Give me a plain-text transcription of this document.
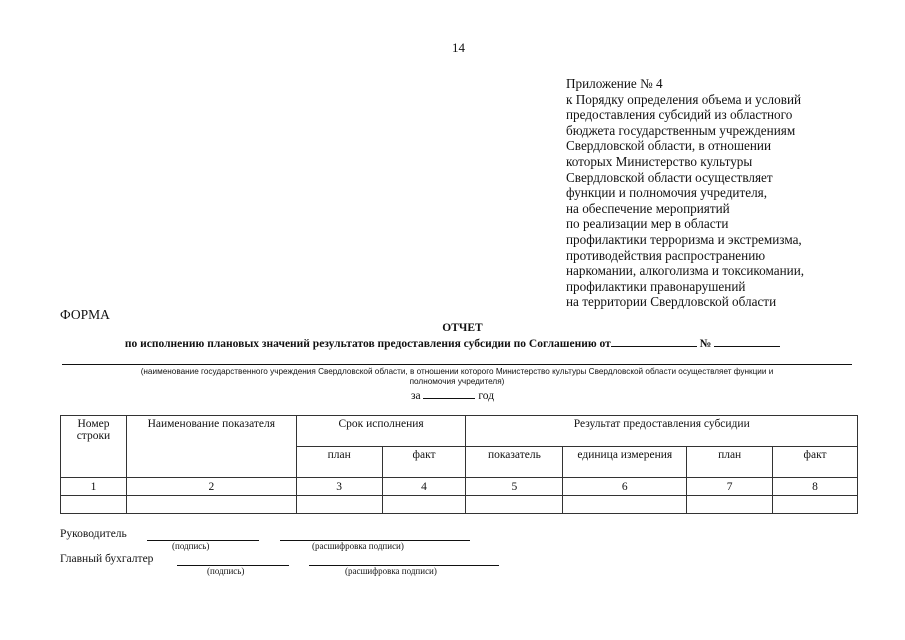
14
Приложение № 4
к Порядку определения объема и условий
предоставления субсидий из областного
бюджета государственным учреждениям
Свердловской области, в отношении
которых Министерство культуры
Свердловской области осуществляет
функции и полномочия учредителя,
на обеспечение мероприятий
по реализации мер в области
профилактики терроризма и экстремизма,
противодействия распространению
наркомании, алкоголизма и токсикомании,
профилактики правонарушений
на территории Свердловской области
ФОРМА
ОТЧЕТ
по исполнению плановых значений результатов предоставления субсидии по Соглашению от	№
(наименование государственного учреждения Свердловской области, в отношении которого Министерство культуры Свердловской области осуществляет функции и
полномочия учредителя)
за	год
Номер строки	Наименование показателя	Срок исполнения		Результат предоставления субсидии			
		план	факт	показатель	единица измерения	план	факт
1	2	3	4	5	6	7	8

Руководитель
(подпись)	(расшифровка подписи)
Главный бухгалтер
(подпись)	(расшифровка подписи)
